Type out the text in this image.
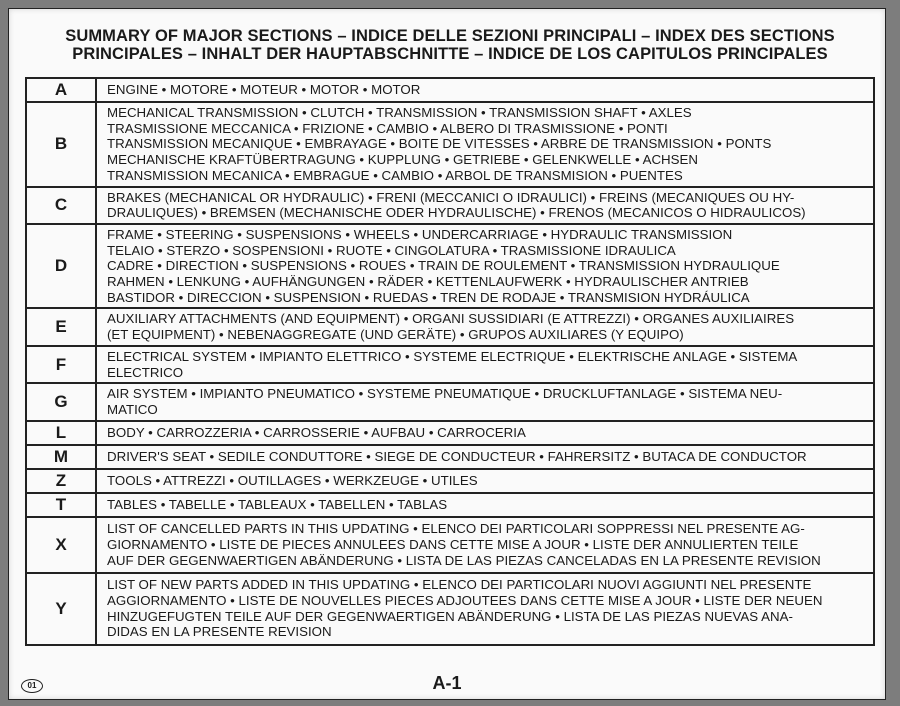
SUMMARY OF MAJOR SECTIONS – INDICE DELLE SEZIONI PRINCIPALI – INDEX DES SECTIONS
PRINCIPALES – INHALT DER HAUPTABSCHNITTE – INDICE DE LOS CAPITULOS PRINCIPALES
A	ENGINE • MOTORE • MOTEUR • MOTOR • MOTOR

B	MECHANICAL TRANSMISSION • CLUTCH • TRANSMISSION • TRANSMISSION SHAFT • AXLES
TRASMISSIONE MECCANICA • FRIZIONE • CAMBIO • ALBERO DI TRASMISSIONE • PONTI
TRANSMISSION MECANIQUE • EMBRAYAGE • BOITE DE VITESSES • ARBRE DE TRANSMISSION • PONTS
MECHANISCHE KRAFTÜBERTRAGUNG • KUPPLUNG • GETRIEBE • GELENKWELLE • ACHSEN
TRANSMISSION MECANICA • EMBRAGUE • CAMBIO • ARBOL DE TRANSMISION • PUENTES

C	BRAKES (MECHANICAL OR HYDRAULIC) • FRENI (MECCANICI O IDRAULICI) • FREINS (MECANIQUES OU HY-
DRAULIQUES) • BREMSEN (MECHANISCHE ODER HYDRAULISCHE) • FRENOS (MECANICOS O HIDRAULICOS)

D	FRAME • STEERING • SUSPENSIONS • WHEELS • UNDERCARRIAGE • HYDRAULIC TRANSMISSION
TELAIO • STERZO • SOSPENSIONI • RUOTE • CINGOLATURA • TRASMISSIONE IDRAULICA
CADRE • DIRECTION • SUSPENSIONS • ROUES • TRAIN DE ROULEMENT • TRANSMISSION HYDRAULIQUE
RAHMEN • LENKUNG • AUFHÄNGUNGEN • RÄDER • KETTENLAUFWERK • HYDRAULISCHER ANTRIEB
BASTIDOR • DIRECCION • SUSPENSION • RUEDAS • TREN DE RODAJE • TRANSMISION HYDRÁULICA

E	AUXILIARY ATTACHMENTS (AND EQUIPMENT) • ORGANI SUSSIDIARI (E ATTREZZI) • ORGANES AUXILIAIRES
(ET EQUIPMENT) • NEBENAGGREGATE (UND GERÄTE) • GRUPOS AUXILIARES (Y EQUIPO)

F	ELECTRICAL SYSTEM • IMPIANTO ELETTRICO • SYSTEME ELECTRIQUE • ELEKTRISCHE ANLAGE • SISTEMA
ELECTRICO

G	AIR SYSTEM • IMPIANTO PNEUMATICO • SYSTEME PNEUMATIQUE • DRUCKLUFTANLAGE • SISTEMA NEU-
MATICO

L	BODY • CARROZZERIA • CARROSSERIE • AUFBAU • CARROCERIA

M	DRIVER'S SEAT • SEDILE CONDUTTORE • SIEGE DE CONDUCTEUR • FAHRERSITZ • BUTACA DE CONDUCTOR

Z	TOOLS • ATTREZZI • OUTILLAGES • WERKZEUGE • UTILES

T	TABLES • TABELLE • TABLEAUX • TABELLEN • TABLAS

X	LIST OF CANCELLED PARTS IN THIS UPDATING • ELENCO DEI PARTICOLARI SOPPRESSI NEL PRESENTE AG-
GIORNAMENTO • LISTE DE PIECES ANNULEES DANS CETTE MISE A JOUR • LISTE DER ANNULIERTEN TEILE
AUF DER GEGENWAERTIGEN ABÄNDERUNG • LISTA DE LAS PIEZAS CANCELADAS EN LA PRESENTE REVISION

Y	LIST OF NEW PARTS ADDED IN THIS UPDATING • ELENCO DEI PARTICOLARI NUOVI AGGIUNTI NEL PRESENTE
AGGIORNAMENTO • LISTE DE NOUVELLES PIECES ADJOUTEES DANS CETTE MISE A JOUR • LISTE DER NEUEN
HINZUGEFUGTEN TEILE AUF DER GEGENWAERTIGEN ABÄNDERUNG • LISTA DE LAS PIEZAS NUEVAS ANA-
DIDAS EN LA PRESENTE REVISION
01	A-1
